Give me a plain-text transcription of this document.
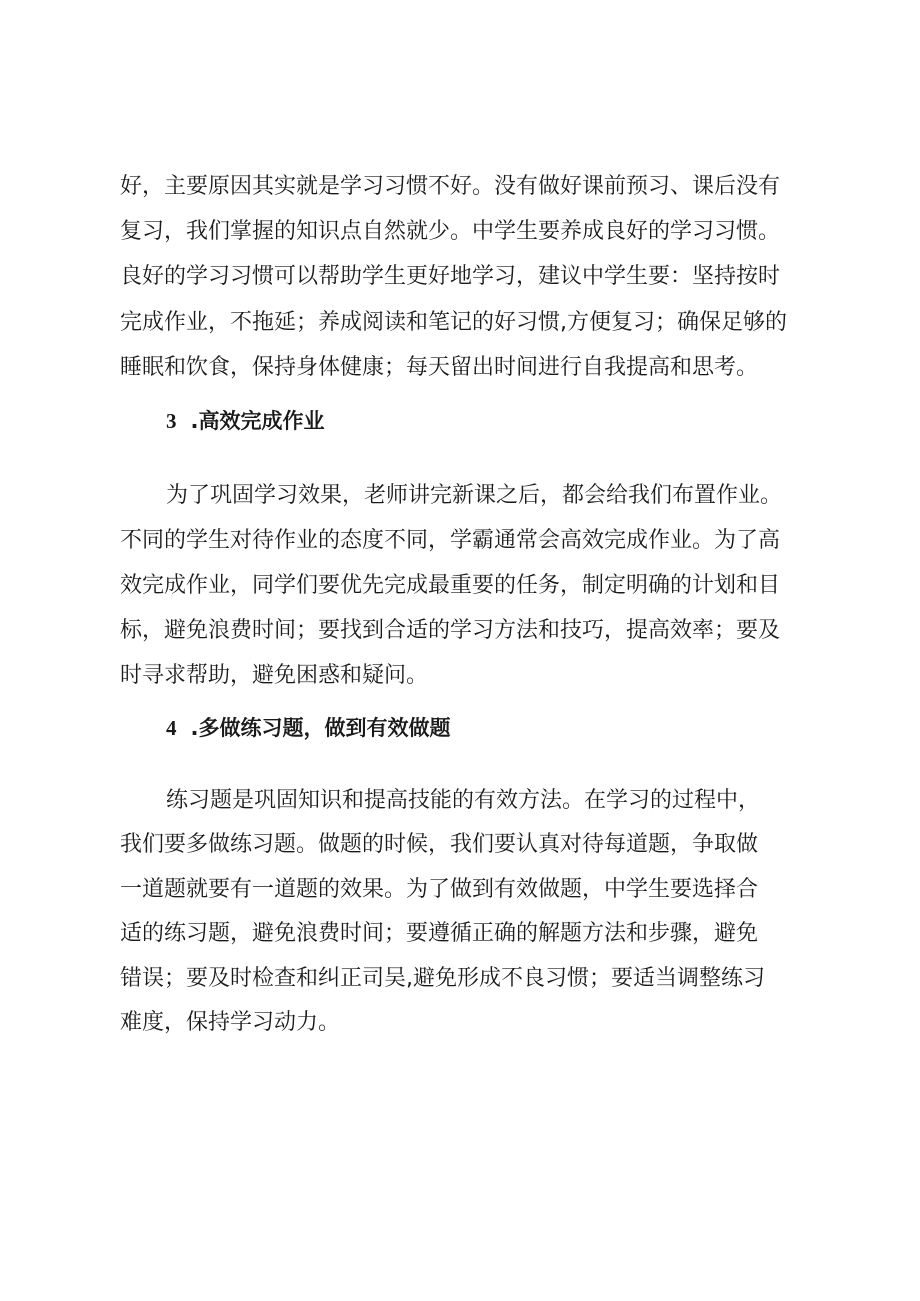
好，主要原因其实就是学习习惯不好。没有做好课前预习、课后没有
复习，我们掌握的知识点自然就少。中学生要养成良好的学习习惯。
良好的学习习惯可以帮助学生更好地学习，建议中学生要：坚持按时
完成作业，不拖延；养成阅读和笔记的好习惯,方便复习；确保足够的
睡眠和饮食，保持身体健康；每天留出时间进行自我提高和思考。
3 .高效完成作业
为了巩固学习效果，老师讲完新课之后，都会给我们布置作业。
不同的学生对待作业的态度不同，学霸通常会高效完成作业。为了高
效完成作业，同学们要优先完成最重要的任务，制定明确的计划和目
标，避免浪费时间；要找到合适的学习方法和技巧，提高效率；要及
时寻求帮助，避免困惑和疑问。
4 .多做练习题，做到有效做题
练习题是巩固知识和提高技能的有效方法。在学习的过程中，
我们要多做练习题。做题的时候，我们要认真对待每道题，争取做
一道题就要有一道题的效果。为了做到有效做题，中学生要选择合
适的练习题，避免浪费时间；要遵循正确的解题方法和步骤，避免
错误；要及时检查和纠正司吴,避免形成不良习惯；要适当调整练习
难度，保持学习动力。
